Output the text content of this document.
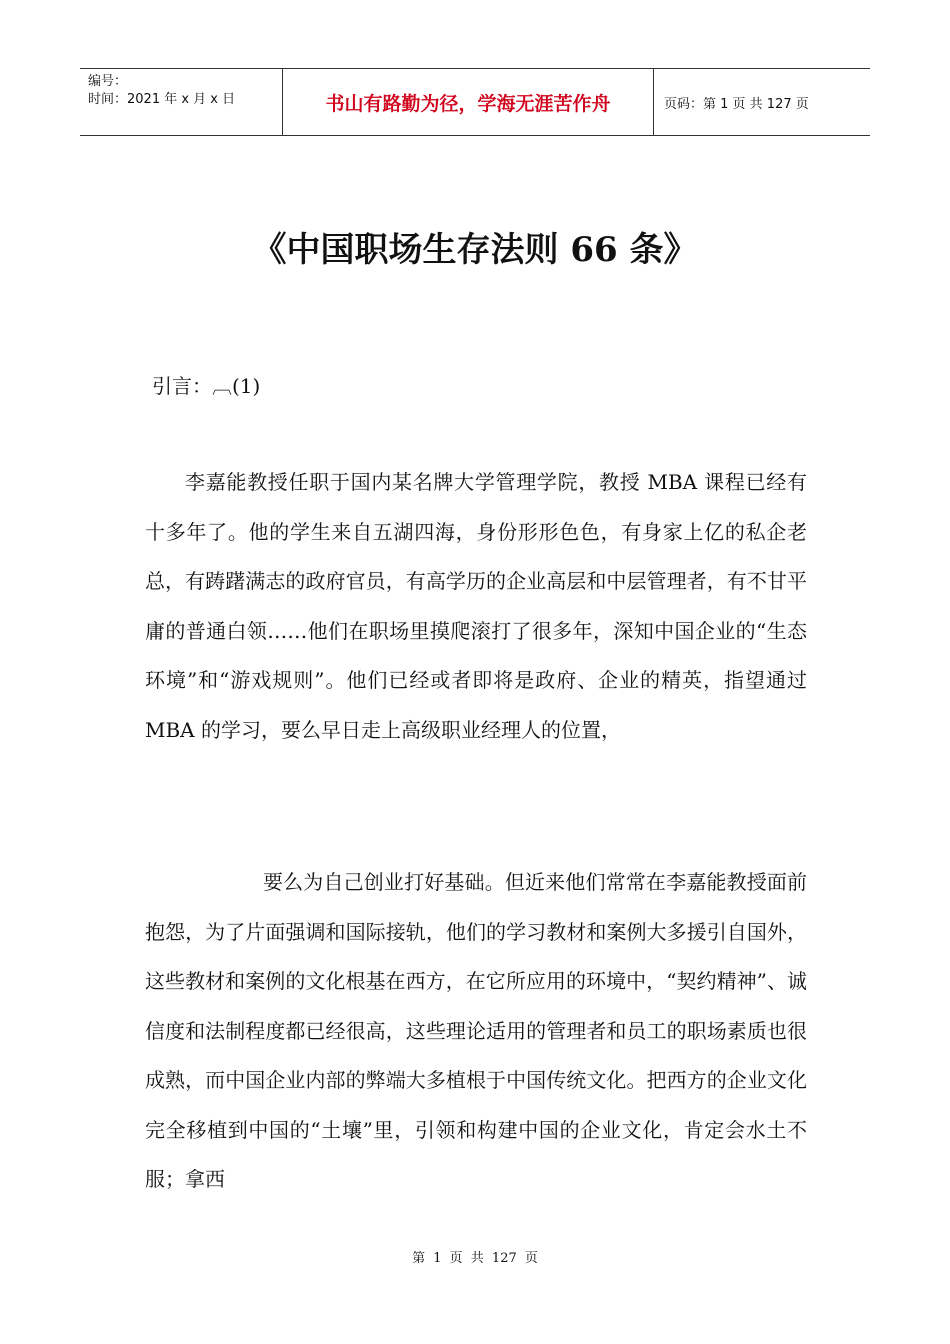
编号：
时间：2021 年 x 月 x 日	书山有路勤为径，学海无涯苦作舟	页码：第 1 页 共 127 页
《中国职场生存法则 66 条》
引言：︹(1)

李嘉能教授任职于国内某名牌大学管理学院，教授 MBA 课程已经有十多年了。他的学生来自五湖四海，身份形形色色，有身家上亿的私企老总，有踌躇满志的政府官员，有高学历的企业高层和中层管理者，有不甘平庸的普通白领……他们在职场里摸爬滚打了很多年，深知中国企业的“生态环境”和“游戏规则”。他们已经或者即将是政府、企业的精英，指望通过 MBA 的学习，要么早日走上高级职业经理人的位置，

要么为自己创业打好基础。但近来他们常常在李嘉能教授面前抱怨，为了片面强调和国际接轨，他们的学习教材和案例大多援引自国外，这些教材和案例的文化根基在西方，在它所应用的环境中，“契约精神”、诚信度和法制程度都已经很高，这些理论适用的管理者和员工的职场素质也很成熟，而中国企业内部的弊端大多植根于中国传统文化。把西方的企业文化完全移植到中国的“土壤”里，引领和构建中国的企业文化，肯定会水土不服；拿西

第 1 页 共 127 页
